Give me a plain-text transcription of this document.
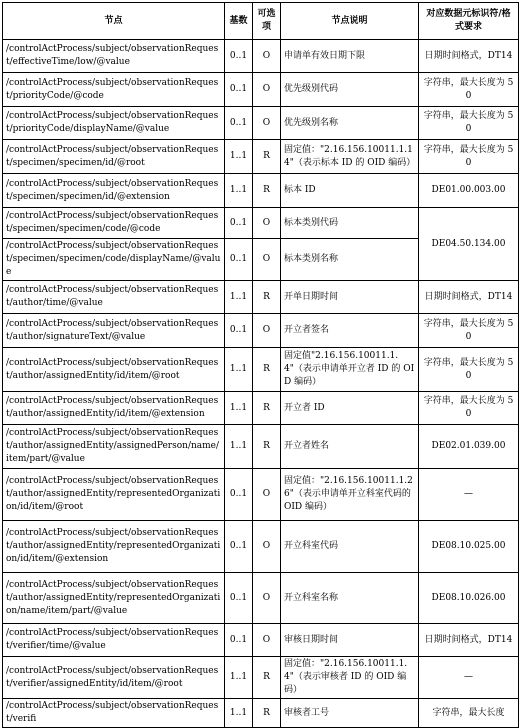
节点	基数	可选项	节点说明	对应数据元标识符/格式要求
/controlActProcess/subject/observationRequest/effectiveTime/low/@value	0..1	O	申请单有效日期下限	日期时间格式，DT14
/controlActProcess/subject/observationRequest/priorityCode/@code	0..1	O	优先级别代码	字符串，最大长度为 50
/controlActProcess/subject/observationRequest/priorityCode/displayName/@value	0..1	O	优先级别名称	字符串，最大长度为 50
/controlActProcess/subject/observationRequest/specimen/specimen/id/@root	1..1	R	固定值："2.16.156.10011.1.14"（表示标本 ID 的 OID 编码）	字符串，最大长度为 50
/controlActProcess/subject/observationRequest/specimen/specimen/id/@extension	1..1	R	标本 ID	DE01.00.003.00
/controlActProcess/subject/observationRequest/specimen/specimen/code/@code	0..1	O	标本类别代码	DE04.50.134.00
/controlActProcess/subject/observationRequest/specimen/specimen/code/displayName/@value	0..1	O	标本类别名称	
/controlActProcess/subject/observationRequest/author/time/@value	1..1	R	开单日期时间	日期时间格式，DT14
/controlActProcess/subject/observationRequest/author/signatureText/@value	0..1	O	开立者签名	字符串，最大长度为 50
/controlActProcess/subject/observationRequest/author/assignedEntity/id/item/@root	1..1	R	固定值"2.16.156.10011.1.4"（表示申请单开立者 ID 的 OID 编码）	字符串，最大长度为 50
/controlActProcess/subject/observationRequest/author/assignedEntity/id/item/@extension	1..1	R	开立者 ID	字符串，最大长度为 50
/controlActProcess/subject/observationRequest/author/assignedEntity/assignedPerson/name/item/part/@value	1..1	R	开立者姓名	DE02.01.039.00
/controlActProcess/subject/observationRequest/author/assignedEntity/representedOrganization/id/item/@root	0..1	O	固定值："2.16.156.10011.1.26"（表示申请单开立科室代码的 OID 编码）	—
/controlActProcess/subject/observationRequest/author/assignedEntity/representedOrganization/id/item/@extension	0..1	O	开立科室代码	DE08.10.025.00
/controlActProcess/subject/observationRequest/author/assignedEntity/representedOrganization/name/item/part/@value	0..1	O	开立科室名称	DE08.10.026.00
/controlActProcess/subject/observationRequest/verifier/time/@value	0..1	O	审核日期时间	日期时间格式，DT14
/controlActProcess/subject/observationRequest/verifier/assignedEntity/id/item/@root	1..1	R	固定值："2.16.156.10011.1.4"（表示审核者 ID 的 OID 编码）	—
/controlActProcess/subject/observationRequest/verifi	1..1	R	审核者工号	字符串，最大长度
